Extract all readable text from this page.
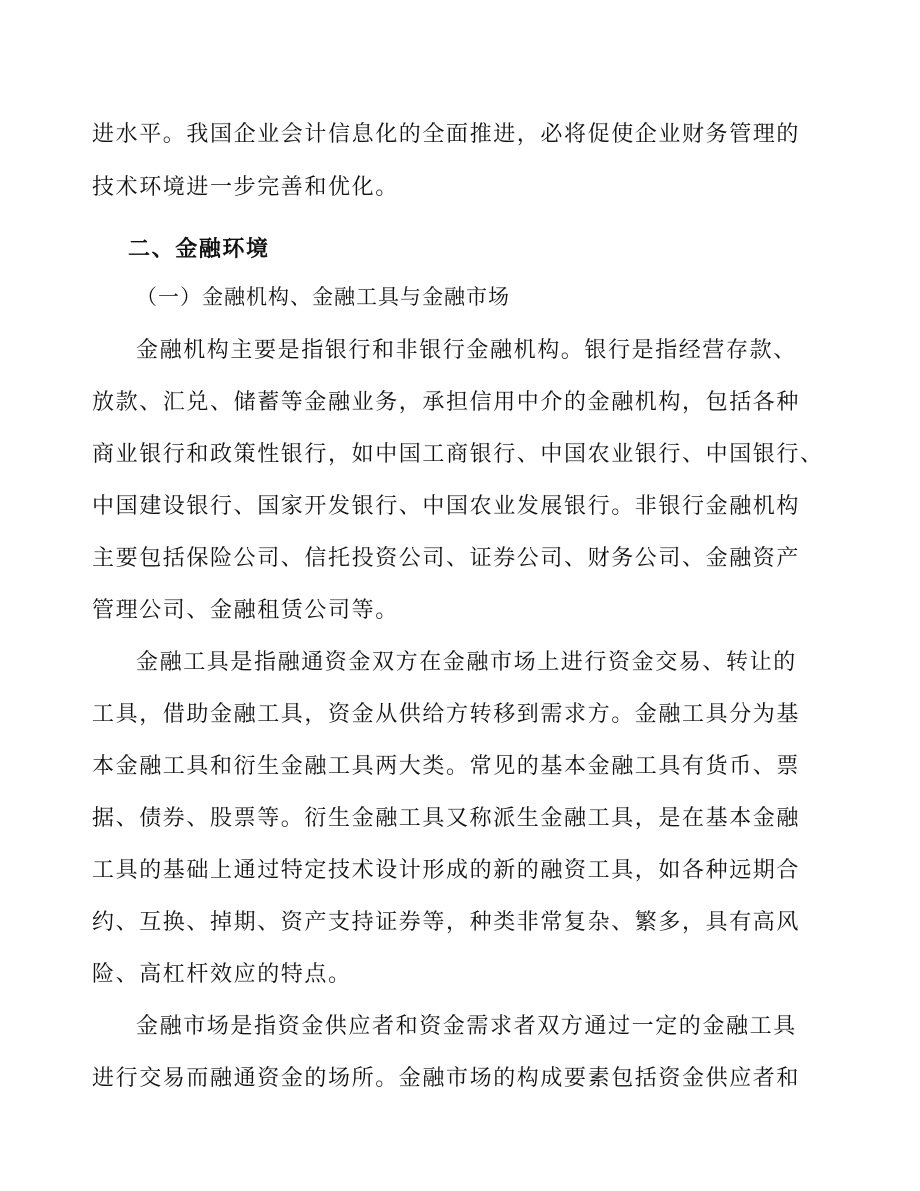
进水平。我国企业会计信息化的全面推进，必将促使企业财务管理的
技术环境进一步完善和优化。
二、金融环境
（一）金融机构、金融工具与金融市场
金融机构主要是指银行和非银行金融机构。银行是指经营存款、
放款、汇兑、储蓄等金融业务，承担信用中介的金融机构，包括各种
商业银行和政策性银行，如中国工商银行、中国农业银行、中国银行、
中国建设银行、国家开发银行、中国农业发展银行。非银行金融机构
主要包括保险公司、信托投资公司、证券公司、财务公司、金融资产
管理公司、金融租赁公司等。
金融工具是指融通资金双方在金融市场上进行资金交易、转让的
工具，借助金融工具，资金从供给方转移到需求方。金融工具分为基
本金融工具和衍生金融工具两大类。常见的基本金融工具有货币、票
据、债券、股票等。衍生金融工具又称派生金融工具，是在基本金融
工具的基础上通过特定技术设计形成的新的融资工具，如各种远期合
约、互换、掉期、资产支持证券等，种类非常复杂、繁多，具有高风
险、高杠杆效应的特点。
金融市场是指资金供应者和资金需求者双方通过一定的金融工具
进行交易而融通资金的场所。金融市场的构成要素包括资金供应者和
